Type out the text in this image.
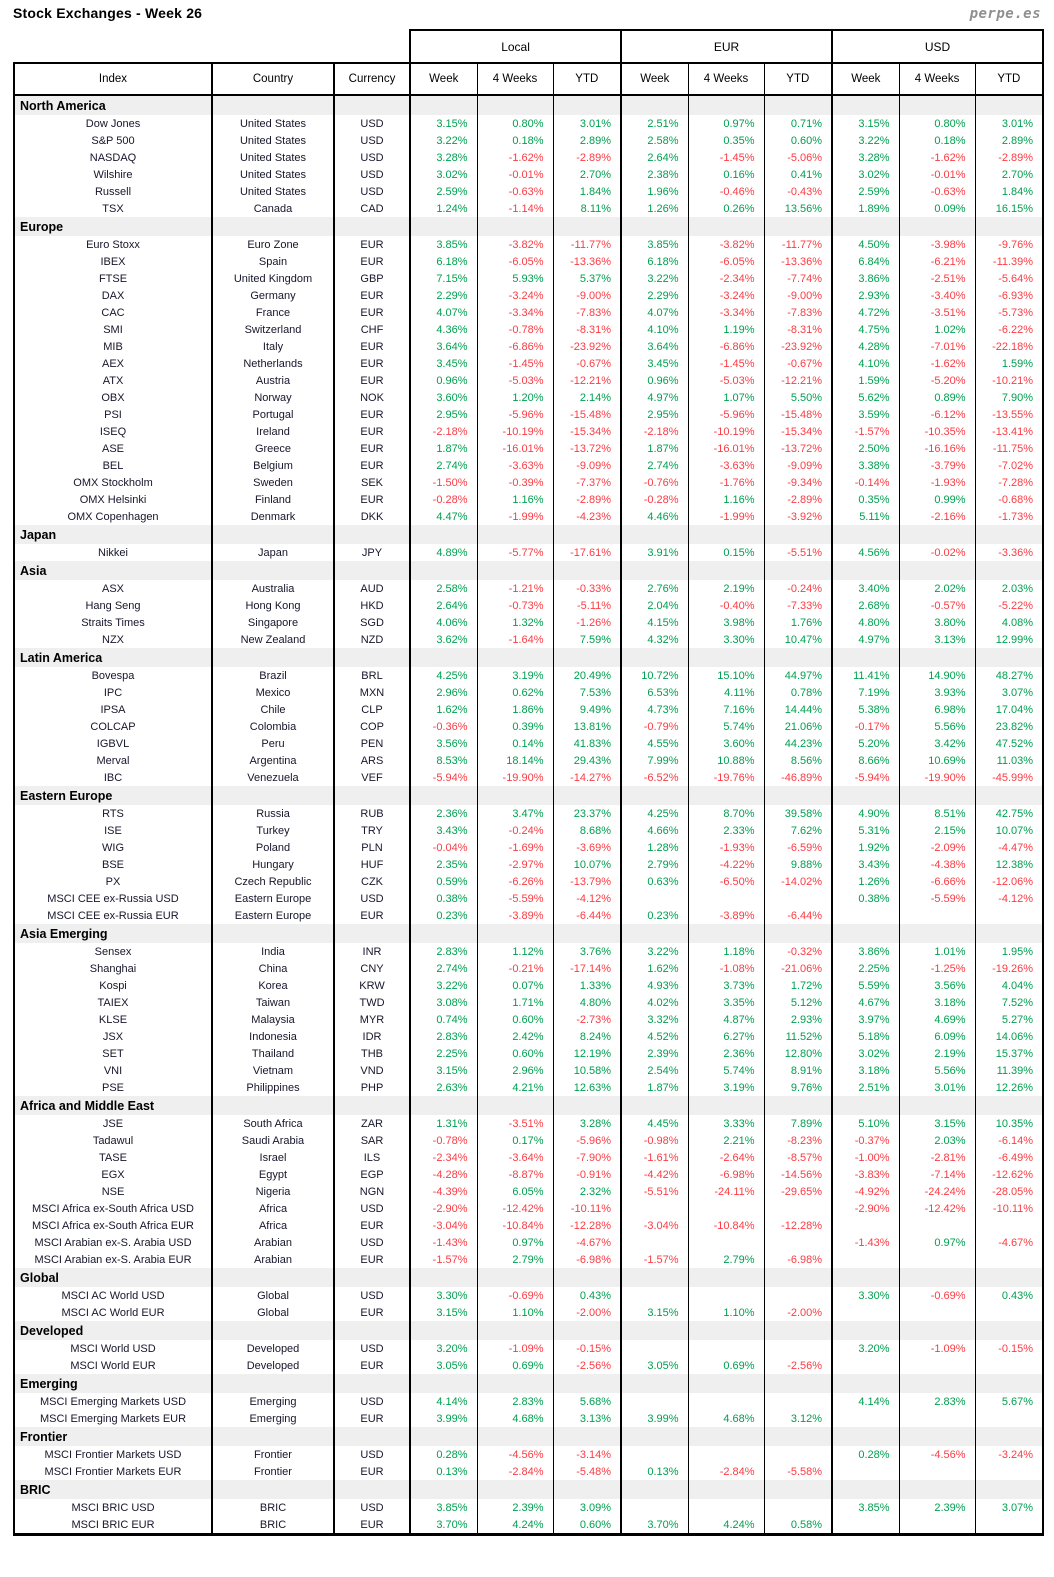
Stock Exchanges - Week 26	perpe.es
			Local			EUR			USD		
Index	Country	Currency	Week	4 Weeks	YTD	Week	4 Weeks	YTD	Week	4 Weeks	YTD
North America											
Dow Jones	United States	USD	3.15%	0.80%	3.01%	2.51%	0.97%	0.71%	3.15%	0.80%	3.01%
S&P 500	United States	USD	3.22%	0.18%	2.89%	2.58%	0.35%	0.60%	3.22%	0.18%	2.89%
NASDAQ	United States	USD	3.28%	-1.62%	-2.89%	2.64%	-1.45%	-5.06%	3.28%	-1.62%	-2.89%
Wilshire	United States	USD	3.02%	-0.01%	2.70%	2.38%	0.16%	0.41%	3.02%	-0.01%	2.70%
Russell	United States	USD	2.59%	-0.63%	1.84%	1.96%	-0.46%	-0.43%	2.59%	-0.63%	1.84%
TSX	Canada	CAD	1.24%	-1.14%	8.11%	1.26%	0.26%	13.56%	1.89%	0.09%	16.15%
Europe											
Euro Stoxx	Euro Zone	EUR	3.85%	-3.82%	-11.77%	3.85%	-3.82%	-11.77%	4.50%	-3.98%	-9.76%
IBEX	Spain	EUR	6.18%	-6.05%	-13.36%	6.18%	-6.05%	-13.36%	6.84%	-6.21%	-11.39%
FTSE	United Kingdom	GBP	7.15%	5.93%	5.37%	3.22%	-2.34%	-7.74%	3.86%	-2.51%	-5.64%
DAX	Germany	EUR	2.29%	-3.24%	-9.00%	2.29%	-3.24%	-9.00%	2.93%	-3.40%	-6.93%
CAC	France	EUR	4.07%	-3.34%	-7.83%	4.07%	-3.34%	-7.83%	4.72%	-3.51%	-5.73%
SMI	Switzerland	CHF	4.36%	-0.78%	-8.31%	4.10%	1.19%	-8.31%	4.75%	1.02%	-6.22%
MIB	Italy	EUR	3.64%	-6.86%	-23.92%	3.64%	-6.86%	-23.92%	4.28%	-7.01%	-22.18%
AEX	Netherlands	EUR	3.45%	-1.45%	-0.67%	3.45%	-1.45%	-0.67%	4.10%	-1.62%	1.59%
ATX	Austria	EUR	0.96%	-5.03%	-12.21%	0.96%	-5.03%	-12.21%	1.59%	-5.20%	-10.21%
OBX	Norway	NOK	3.60%	1.20%	2.14%	4.97%	1.07%	5.50%	5.62%	0.89%	7.90%
PSI	Portugal	EUR	2.95%	-5.96%	-15.48%	2.95%	-5.96%	-15.48%	3.59%	-6.12%	-13.55%
ISEQ	Ireland	EUR	-2.18%	-10.19%	-15.34%	-2.18%	-10.19%	-15.34%	-1.57%	-10.35%	-13.41%
ASE	Greece	EUR	1.87%	-16.01%	-13.72%	1.87%	-16.01%	-13.72%	2.50%	-16.16%	-11.75%
BEL	Belgium	EUR	2.74%	-3.63%	-9.09%	2.74%	-3.63%	-9.09%	3.38%	-3.79%	-7.02%
OMX Stockholm	Sweden	SEK	-1.50%	-0.39%	-7.37%	-0.76%	-1.76%	-9.34%	-0.14%	-1.93%	-7.28%
OMX Helsinki	Finland	EUR	-0.28%	1.16%	-2.89%	-0.28%	1.16%	-2.89%	0.35%	0.99%	-0.68%
OMX Copenhagen	Denmark	DKK	4.47%	-1.99%	-4.23%	4.46%	-1.99%	-3.92%	5.11%	-2.16%	-1.73%
Japan											
Nikkei	Japan	JPY	4.89%	-5.77%	-17.61%	3.91%	0.15%	-5.51%	4.56%	-0.02%	-3.36%
Asia											
ASX	Australia	AUD	2.58%	-1.21%	-0.33%	2.76%	2.19%	-0.24%	3.40%	2.02%	2.03%
Hang Seng	Hong Kong	HKD	2.64%	-0.73%	-5.11%	2.04%	-0.40%	-7.33%	2.68%	-0.57%	-5.22%
Straits Times	Singapore	SGD	4.06%	1.32%	-1.26%	4.15%	3.98%	1.76%	4.80%	3.80%	4.08%
NZX	New Zealand	NZD	3.62%	-1.64%	7.59%	4.32%	3.30%	10.47%	4.97%	3.13%	12.99%
Latin America											
Bovespa	Brazil	BRL	4.25%	3.19%	20.49%	10.72%	15.10%	44.97%	11.41%	14.90%	48.27%
IPC	Mexico	MXN	2.96%	0.62%	7.53%	6.53%	4.11%	0.78%	7.19%	3.93%	3.07%
IPSA	Chile	CLP	1.62%	1.86%	9.49%	4.73%	7.16%	14.44%	5.38%	6.98%	17.04%
COLCAP	Colombia	COP	-0.36%	0.39%	13.81%	-0.79%	5.74%	21.06%	-0.17%	5.56%	23.82%
IGBVL	Peru	PEN	3.56%	0.14%	41.83%	4.55%	3.60%	44.23%	5.20%	3.42%	47.52%
Merval	Argentina	ARS	8.53%	18.14%	29.43%	7.99%	10.88%	8.56%	8.66%	10.69%	11.03%
IBC	Venezuela	VEF	-5.94%	-19.90%	-14.27%	-6.52%	-19.76%	-46.89%	-5.94%	-19.90%	-45.99%
Eastern Europe											
RTS	Russia	RUB	2.36%	3.47%	23.37%	4.25%	8.70%	39.58%	4.90%	8.51%	42.75%
ISE	Turkey	TRY	3.43%	-0.24%	8.68%	4.66%	2.33%	7.62%	5.31%	2.15%	10.07%
WIG	Poland	PLN	-0.04%	-1.69%	-3.69%	1.28%	-1.93%	-6.59%	1.92%	-2.09%	-4.47%
BSE	Hungary	HUF	2.35%	-2.97%	10.07%	2.79%	-4.22%	9.88%	3.43%	-4.38%	12.38%
PX	Czech Republic	CZK	0.59%	-6.26%	-13.79%	0.63%	-6.50%	-14.02%	1.26%	-6.66%	-12.06%
MSCI CEE ex-Russia USD	Eastern Europe	USD	0.38%	-5.59%	-4.12%				0.38%	-5.59%	-4.12%
MSCI CEE ex-Russia EUR	Eastern Europe	EUR	0.23%	-3.89%	-6.44%	0.23%	-3.89%	-6.44%			
Asia Emerging											
Sensex	India	INR	2.83%	1.12%	3.76%	3.22%	1.18%	-0.32%	3.86%	1.01%	1.95%
Shanghai	China	CNY	2.74%	-0.21%	-17.14%	1.62%	-1.08%	-21.06%	2.25%	-1.25%	-19.26%
Kospi	Korea	KRW	3.22%	0.07%	1.33%	4.93%	3.73%	1.72%	5.59%	3.56%	4.04%
TAIEX	Taiwan	TWD	3.08%	1.71%	4.80%	4.02%	3.35%	5.12%	4.67%	3.18%	7.52%
KLSE	Malaysia	MYR	0.74%	0.60%	-2.73%	3.32%	4.87%	2.93%	3.97%	4.69%	5.27%
JSX	Indonesia	IDR	2.83%	2.42%	8.24%	4.52%	6.27%	11.52%	5.18%	6.09%	14.06%
SET	Thailand	THB	2.25%	0.60%	12.19%	2.39%	2.36%	12.80%	3.02%	2.19%	15.37%
VNI	Vietnam	VND	3.15%	2.96%	10.58%	2.54%	5.74%	8.91%	3.18%	5.56%	11.39%
PSE	Philippines	PHP	2.63%	4.21%	12.63%	1.87%	3.19%	9.76%	2.51%	3.01%	12.26%
Africa and Middle East											
JSE	South Africa	ZAR	1.31%	-3.51%	3.28%	4.45%	3.33%	7.89%	5.10%	3.15%	10.35%
Tadawul	Saudi Arabia	SAR	-0.78%	0.17%	-5.96%	-0.98%	2.21%	-8.23%	-0.37%	2.03%	-6.14%
TASE	Israel	ILS	-2.34%	-3.64%	-7.90%	-1.61%	-2.64%	-8.57%	-1.00%	-2.81%	-6.49%
EGX	Egypt	EGP	-4.28%	-8.87%	-0.91%	-4.42%	-6.98%	-14.56%	-3.83%	-7.14%	-12.62%
NSE	Nigeria	NGN	-4.39%	6.05%	2.32%	-5.51%	-24.11%	-29.65%	-4.92%	-24.24%	-28.05%
MSCI Africa ex-South Africa USD	Africa	USD	-2.90%	-12.42%	-10.11%				-2.90%	-12.42%	-10.11%
MSCI Africa ex-South Africa EUR	Africa	EUR	-3.04%	-10.84%	-12.28%	-3.04%	-10.84%	-12.28%			
MSCI Arabian ex-S. Arabia USD	Arabian	USD	-1.43%	0.97%	-4.67%				-1.43%	0.97%	-4.67%
MSCI Arabian ex-S. Arabia EUR	Arabian	EUR	-1.57%	2.79%	-6.98%	-1.57%	2.79%	-6.98%			
Global											
MSCI AC World USD	Global	USD	3.30%	-0.69%	0.43%				3.30%	-0.69%	0.43%
MSCI AC World EUR	Global	EUR	3.15%	1.10%	-2.00%	3.15%	1.10%	-2.00%			
Developed											
MSCI World USD	Developed	USD	3.20%	-1.09%	-0.15%				3.20%	-1.09%	-0.15%
MSCI World EUR	Developed	EUR	3.05%	0.69%	-2.56%	3.05%	0.69%	-2.56%			
Emerging											
MSCI Emerging Markets USD	Emerging	USD	4.14%	2.83%	5.68%				4.14%	2.83%	5.67%
MSCI Emerging Markets EUR	Emerging	EUR	3.99%	4.68%	3.13%	3.99%	4.68%	3.12%			
Frontier											
MSCI Frontier Markets USD	Frontier	USD	0.28%	-4.56%	-3.14%				0.28%	-4.56%	-3.24%
MSCI Frontier Markets EUR	Frontier	EUR	0.13%	-2.84%	-5.48%	0.13%	-2.84%	-5.58%			
BRIC											
MSCI BRIC USD	BRIC	USD	3.85%	2.39%	3.09%				3.85%	2.39%	3.07%
MSCI BRIC EUR	BRIC	EUR	3.70%	4.24%	0.60%	3.70%	4.24%	0.58%			
